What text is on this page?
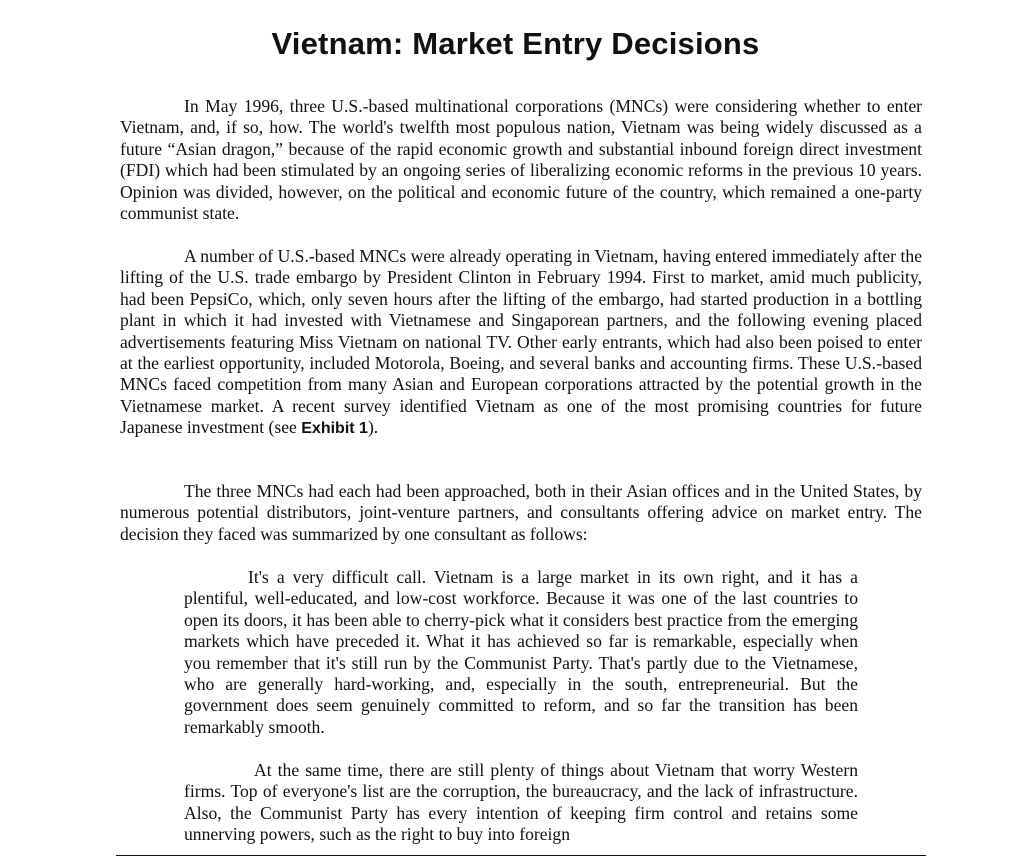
Vietnam: Market Entry Decisions

In May 1996, three U.S.-based multinational corporations (MNCs) were considering whether to enter Vietnam, and, if so, how. The world's twelfth most populous nation, Vietnam was being widely discussed as a future “Asian dragon,” because of the rapid economic growth and substantial inbound foreign direct investment (FDI) which had been stimulated by an ongoing series of liberalizing economic reforms in the previous 10 years. Opinion was divided, however, on the political and economic future of the country, which remained a one-party communist state.

A number of U.S.-based MNCs were already operating in Vietnam, having entered immediately after the lifting of the U.S. trade embargo by President Clinton in February 1994. First to market, amid much publicity, had been PepsiCo, which, only seven hours after the lifting of the embargo, had started production in a bottling plant in which it had invested with Vietnamese and Singaporean partners, and the following evening placed advertisements featuring Miss Vietnam on national TV. Other early entrants, which had also been poised to enter at the earliest opportunity, included Motorola, Boeing, and several banks and accounting firms. These U.S.-based MNCs faced competition from many Asian and European corporations attracted by the potential growth in the Vietnamese market. A recent survey identified Vietnam as one of the most promising countries for future Japanese investment (see Exhibit 1).

The three MNCs had each had been approached, both in their Asian offices and in the United States, by numerous potential distributors, joint-venture partners, and consultants offering advice on market entry. The decision they faced was summarized by one consultant as follows:

It's a very difficult call. Vietnam is a large market in its own right, and it has a plentiful, well-educated, and low-cost workforce. Because it was one of the last countries to open its doors, it has been able to cherry-pick what it considers best practice from the emerging markets which have preceded it. What it has achieved so far is remarkable, especially when you remember that it's still run by the Communist Party. That's partly due to the Vietnamese, who are generally hard-working, and, especially in the south, entrepreneurial. But the government does seem genuinely committed to reform, and so far the transition has been remarkably smooth.

At the same time, there are still plenty of things about Vietnam that worry Western firms. Top of everyone's list are the corruption, the bureaucracy, and the lack of infrastructure. Also, the Communist Party has every intention of keeping firm control and retains some unnerving powers, such as the right to buy into foreign
